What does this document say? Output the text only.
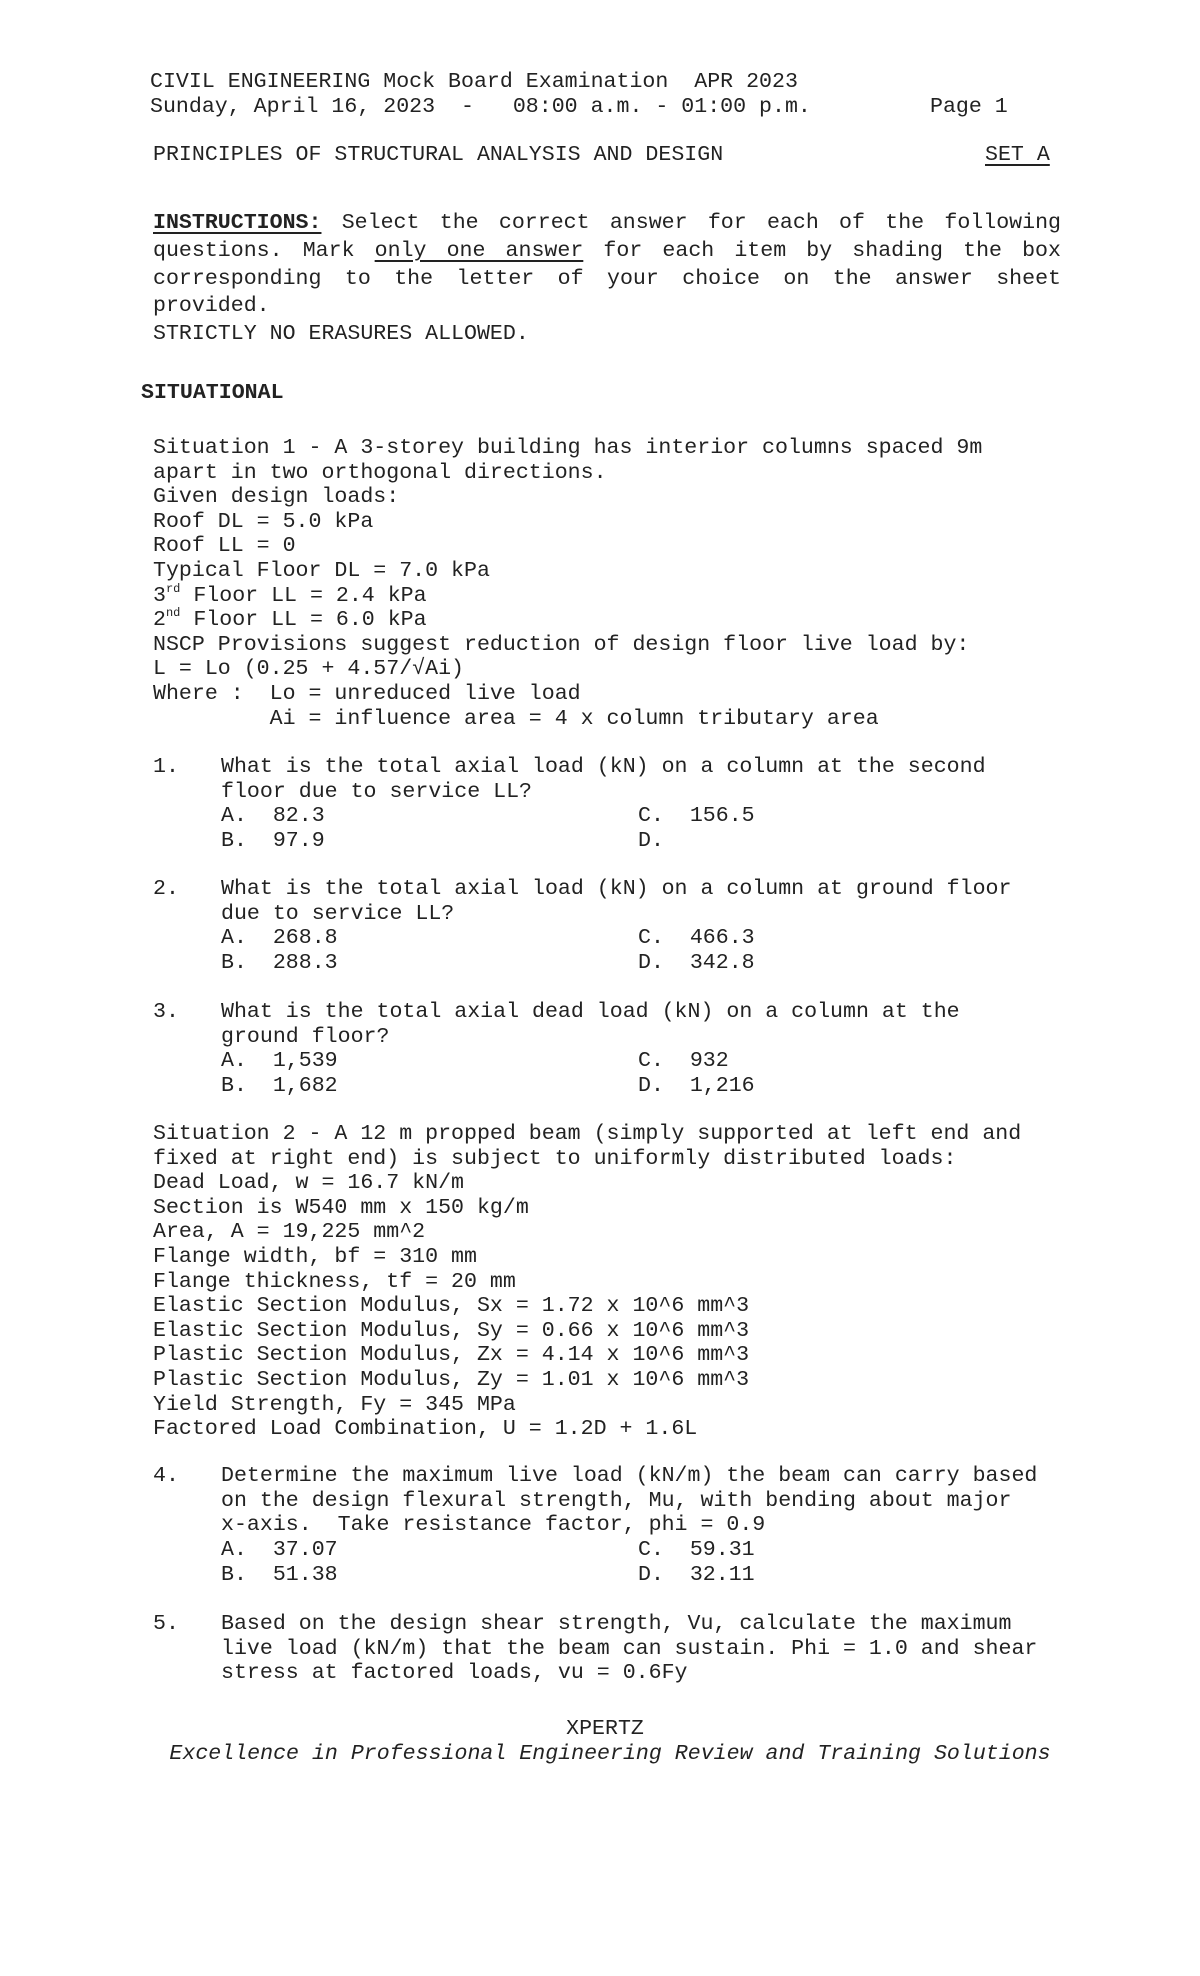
CIVIL ENGINEERING Mock Board Examination  APR 2023
Sunday, April 16, 2023  -   08:00 a.m. - 01:00 p.m.	Page 1
PRINCIPLES OF STRUCTURAL ANALYSIS AND DESIGN	SET A
INSTRUCTIONS: Select the correct answer for each of the following questions. Mark only one answer for each item by shading the box corresponding to the letter of your choice on the answer sheet provided.
STRICTLY NO ERASURES ALLOWED.
SITUATIONAL
Situation 1 - A 3-storey building has interior columns spaced 9m
apart in two orthogonal directions.
Given design loads:
Roof DL = 5.0 kPa
Roof LL = 0
Typical Floor DL = 7.0 kPa
3rd Floor LL = 2.4 kPa
2nd Floor LL = 6.0 kPa
NSCP Provisions suggest reduction of design floor live load by:
L = Lo (0.25 + 4.57/√Ai)
Where :  Lo = unreduced live load
Ai = influence area = 4 x column tributary area
1. What is the total axial load (kN) on a column at the second
floor due to service LL?
A.  82.3
B.  97.9
C.  156.5
D.
2. What is the total axial load (kN) on a column at ground floor
due to service LL?
A.  268.8
B.  288.3
C.  466.3
D.  342.8
3. What is the total axial dead load (kN) on a column at the
ground floor?
A.  1,539
B.  1,682
C.  932
D.  1,216
Situation 2 - A 12 m propped beam (simply supported at left end and
fixed at right end) is subject to uniformly distributed loads:
Dead Load, w = 16.7 kN/m
Section is W540 mm x 150 kg/m
Area, A = 19,225 mm^2
Flange width, bf = 310 mm
Flange thickness, tf = 20 mm
Elastic Section Modulus, Sx = 1.72 x 10^6 mm^3
Elastic Section Modulus, Sy = 0.66 x 10^6 mm^3
Plastic Section Modulus, Zx = 4.14 x 10^6 mm^3
Plastic Section Modulus, Zy = 1.01 x 10^6 mm^3
Yield Strength, Fy = 345 MPa
Factored Load Combination, U = 1.2D + 1.6L
4. Determine the maximum live load (kN/m) the beam can carry based
on the design flexural strength, Mu, with bending about major
x-axis.  Take resistance factor, phi = 0.9
A.  37.07
B.  51.38
C.  59.31
D.  32.11
5. Based on the design shear strength, Vu, calculate the maximum
live load (kN/m) that the beam can sustain. Phi = 1.0 and shear
stress at factored loads, vu = 0.6Fy
XPERTZ
Excellence in Professional Engineering Review and Training Solutions
